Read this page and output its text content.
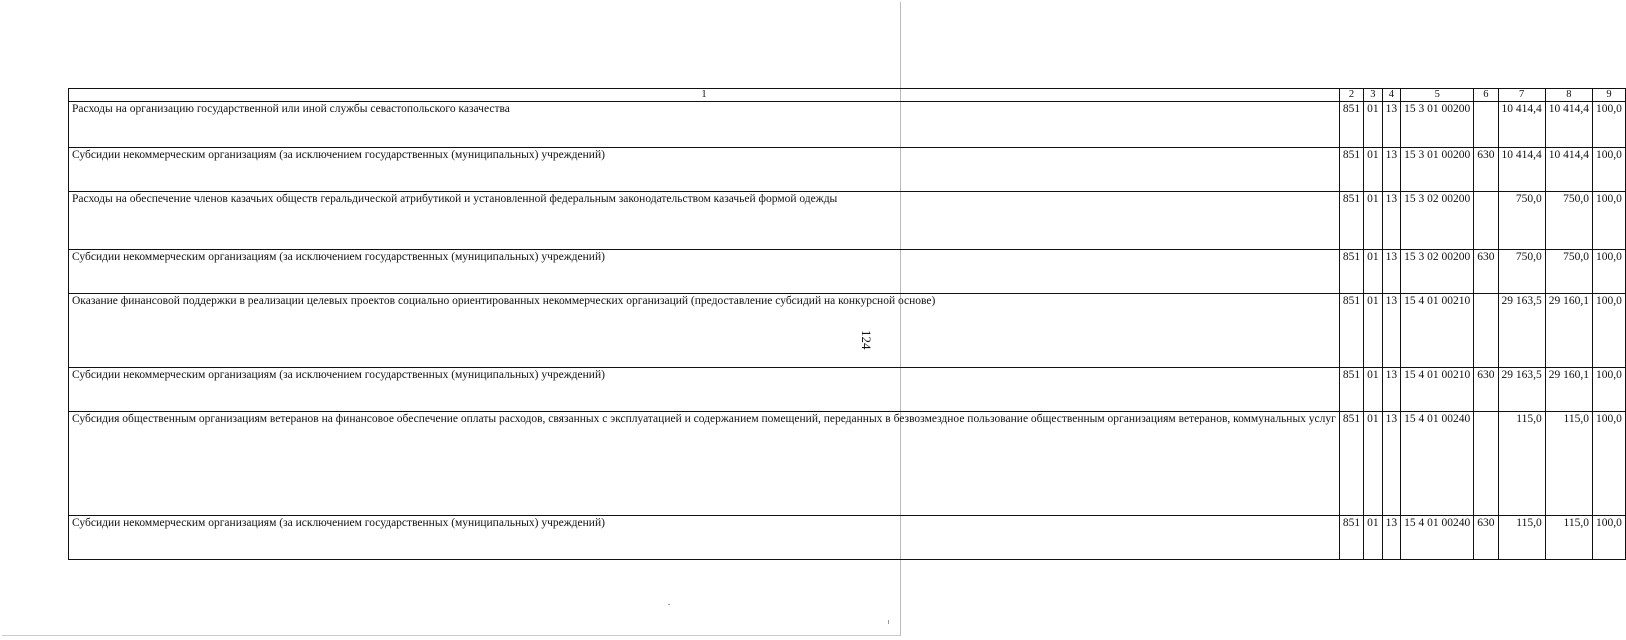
1	2	3	4	5	6	7	8	9
Расходы на организацию государственной или иной службы севастопольского казачества	851	01	13	15 3 01 00200		10 414,4	10 414,4	100,0
Субсидии некоммерческим организациям (за исключением государственных (муниципальных) учреждений)	851	01	13	15 3 01 00200	630	10 414,4	10 414,4	100,0
Расходы на обеспечение членов казачьих обществ геральдической атрибутикой и установленной федеральным законодательством казачьей формой одежды	851	01	13	15 3 02 00200		750,0	750,0	100,0
Субсидии некоммерческим организациям (за исключением государственных (муниципальных) учреждений)	851	01	13	15 3 02 00200	630	750,0	750,0	100,0
Оказание финансовой поддержки в реализации целевых проектов социально ориентированных некоммерческих организаций (предоставление субсидий на конкурсной основе)	851	01	13	15 4 01 00210		29 163,5	29 160,1	100,0
Субсидии некоммерческим организациям (за исключением государственных (муниципальных) учреждений)	851	01	13	15 4 01 00210	630	29 163,5	29 160,1	100,0
Субсидия общественным организациям ветеранов на финансовое обеспечение оплаты расходов, связанных с эксплуатацией и содержанием помещений, переданных в безвозмездное пользование общественным организациям ветеранов, коммунальных услуг	851	01	13	15 4 01 00240		115,0	115,0	100,0
Субсидии некоммерческим организациям (за исключением государственных (муниципальных) учреждений)	851	01	13	15 4 01 00240	630	115,0	115,0	100,0
124
